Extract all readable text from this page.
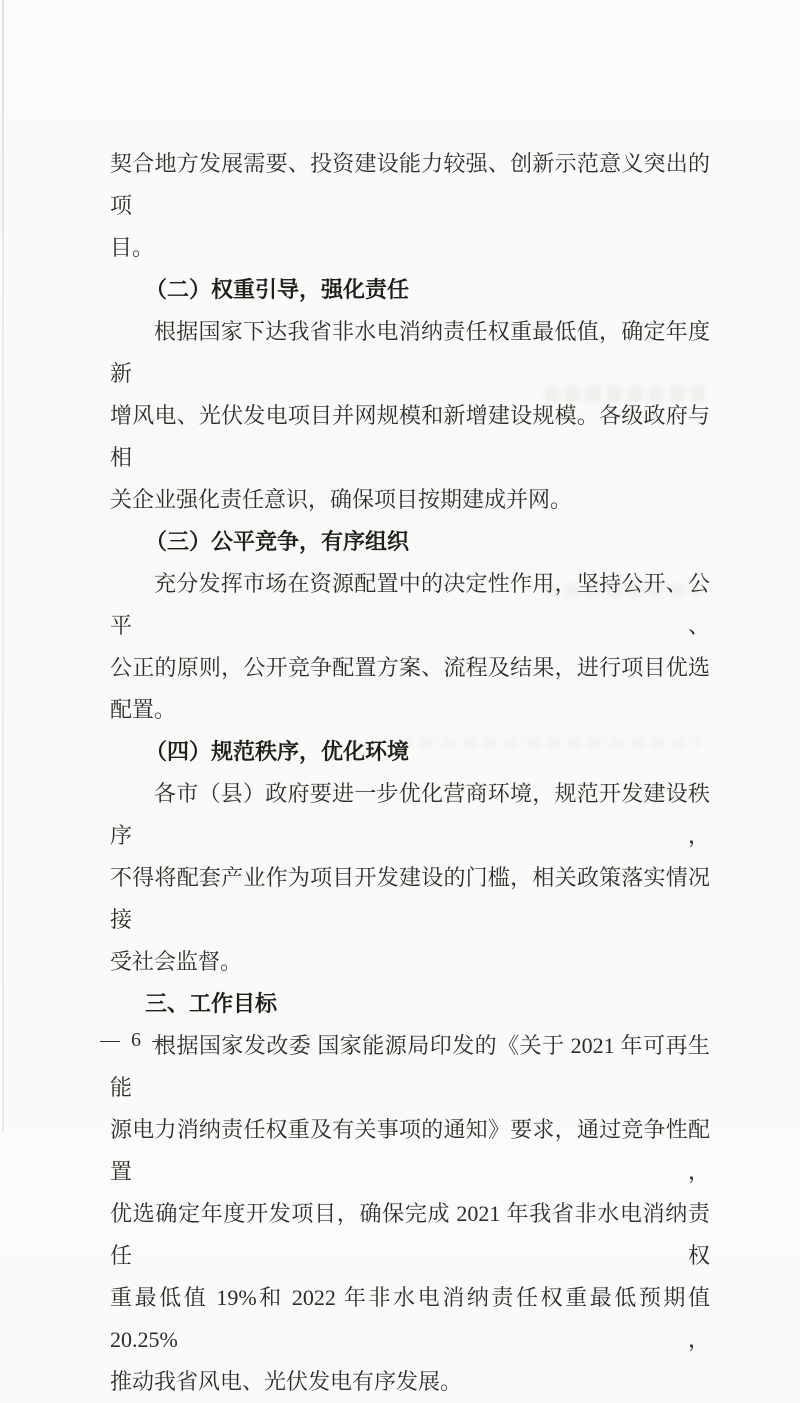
契合地方发展需要、投资建设能力较强、创新示范意义突出的项
目。
（二）权重引导，强化责任
根据国家下达我省非水电消纳责任权重最低值，确定年度新
增风电、光伏发电项目并网规模和新增建设规模。各级政府与相
关企业强化责任意识，确保项目按期建成并网。
（三）公平竞争，有序组织
充分发挥市场在资源配置中的决定性作用，坚持公开、公平、
公正的原则，公开竞争配置方案、流程及结果，进行项目优选
配置。
（四）规范秩序，优化环境
各市（县）政府要进一步优化营商环境，规范开发建设秩序，
不得将配套产业作为项目开发建设的门槛，相关政策落实情况接
受社会监督。
三、工作目标
根据国家发改委 国家能源局印发的《关于 2021 年可再生能
源电力消纳责任权重及有关事项的通知》要求，通过竞争性配置，
优选确定年度开发项目，确保完成 2021 年我省非水电消纳责任权
重最低值 19%和 2022 年非水电消纳责任权重最低预期值 20.25%，
推动我省风电、光伏发电有序发展。
— 6 —
